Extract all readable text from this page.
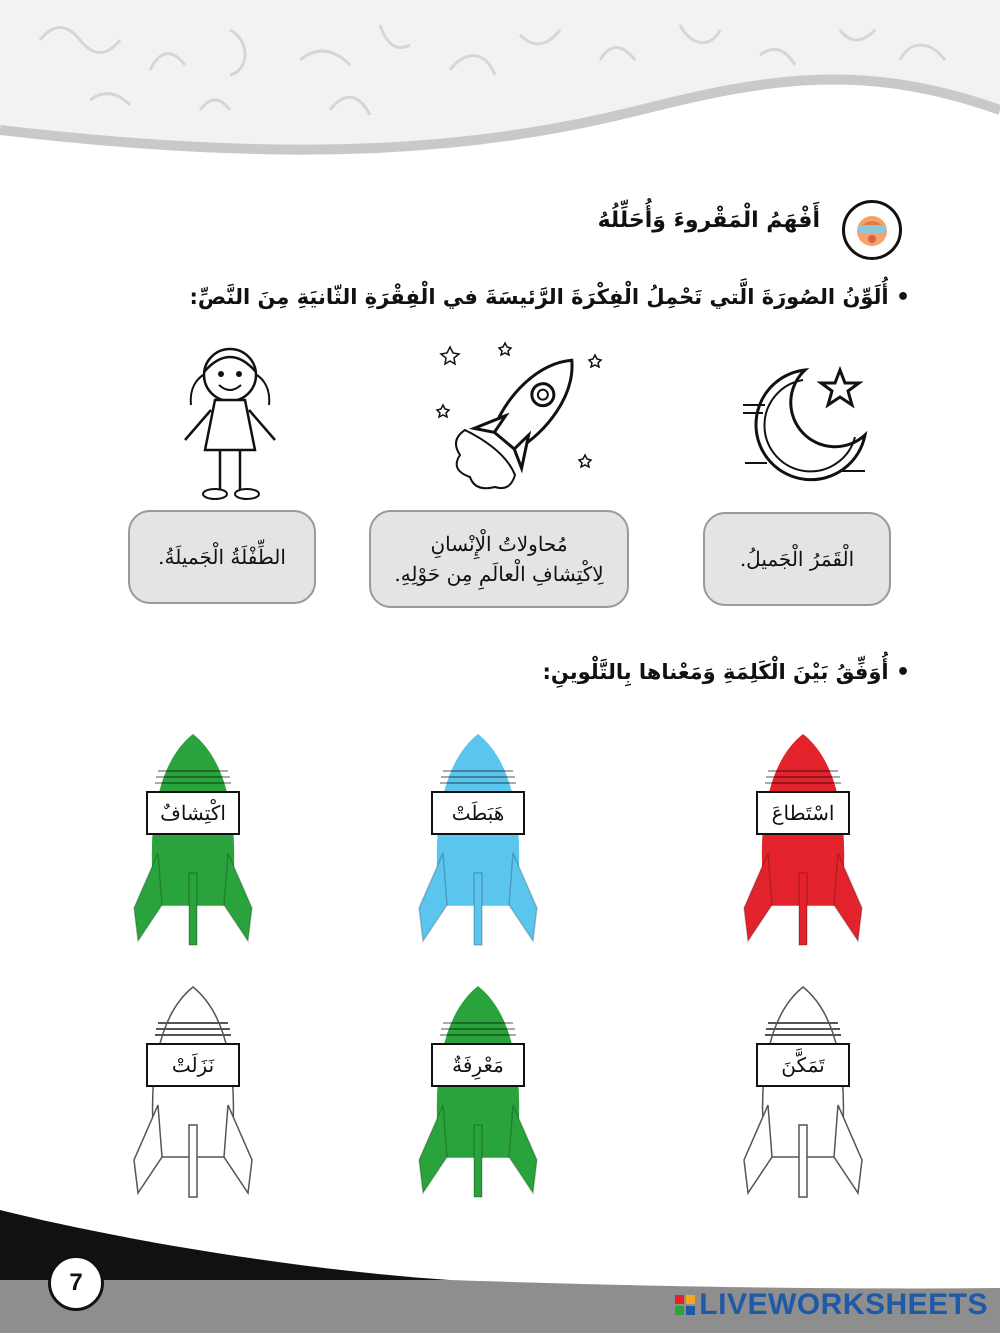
أَفْهَمُ الْمَقْروءَ وَأُحَلِّلُهُ
• أُلَوِّنُ الصُورَةَ الَّتي تَحْمِلُ الْفِكْرَةَ الرَّئيسَةَ في الْفِقْرَةِ الثّانيَةِ مِنَ النَّصِّ:
الْقَمَرُ الْجَميلُ.
مُحاولاتُ الْإِنْسانِ
لِاكْتِشافِ الْعالَمِ مِن حَوْلِهِ.
الطِّفْلَةُ الْجَميلَةُ.
• أُوَفِّقُ بَيْنَ الْكَلِمَةِ وَمَعْناها بِالتَّلْوينِ:
اسْتَطاعَ
هَبَطَتْ
اكْتِشافٌ
تَمَكَّنَ
مَعْرِفَةٌ
نَزَلَتْ
7
LIVEWORKSHEETS
